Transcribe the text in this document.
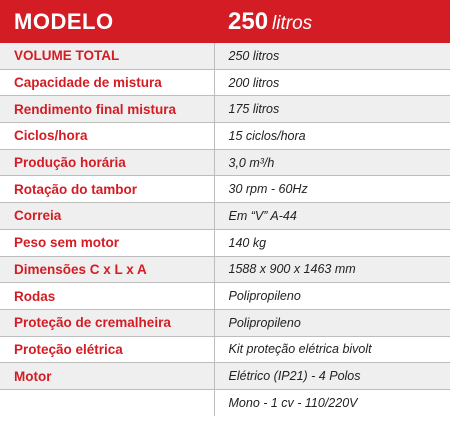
MODELO	250 litros
VOLUME TOTAL	250 litros
Capacidade de mistura	200 litros
Rendimento final mistura	175 litros
Ciclos/hora	15 ciclos/hora
Produção horária	3,0 m³/h
Rotação do tambor	30 rpm - 60Hz
Correia	Em “V” A-44
Peso sem motor	140 kg
Dimensões C x L x A	1588 x 900 x 1463 mm
Rodas	Polipropileno
Proteção de cremalheira	Polipropileno
Proteção elétrica	Kit proteção elétrica bivolt
Motor	Elétrico (IP21) - 4 Polos
	Mono - 1 cv - 110/220V
